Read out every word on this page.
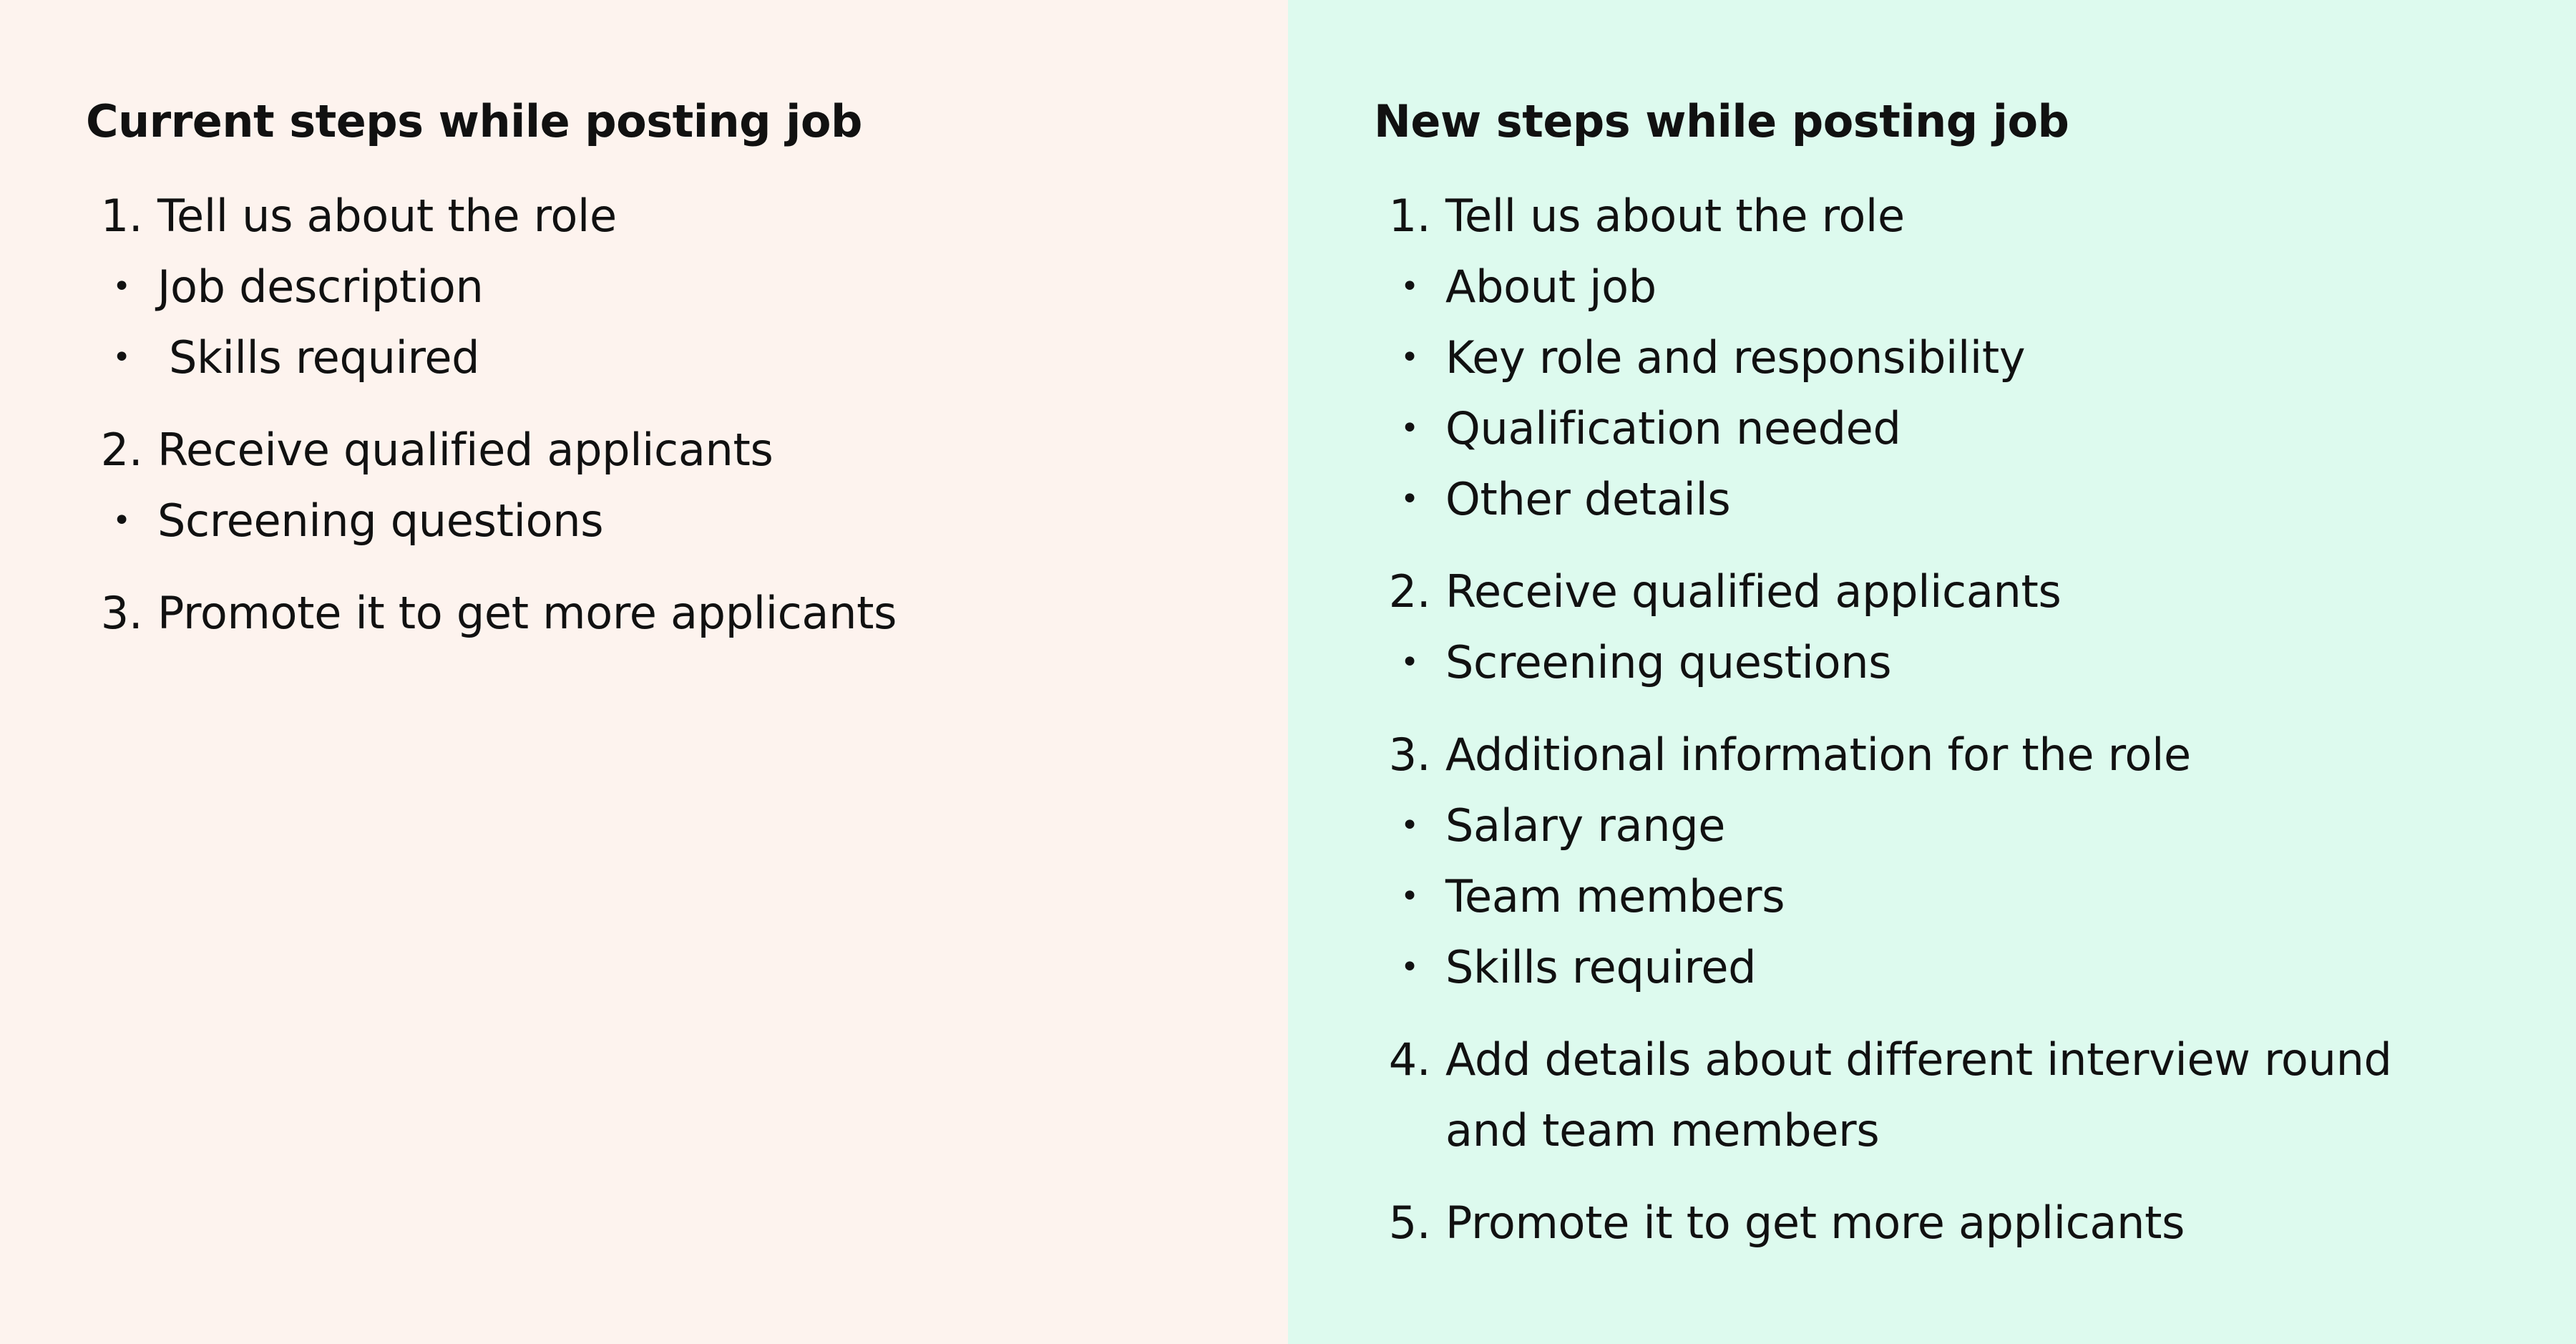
Current steps while posting job
1. Tell us about the role
• Job description
• Skills required
2. Receive qualified applicants
• Screening questions
3. Promote it to get more applicants
New steps while posting job
1. Tell us about the role
• About job
• Key role and responsibility
• Qualification needed
• Other details
2. Receive qualified applicants
• Screening questions
3. Additional information for the role
• Salary range
• Team members
• Skills required
4. Add details about different interview round
and team members
5. Promote it to get more applicants
